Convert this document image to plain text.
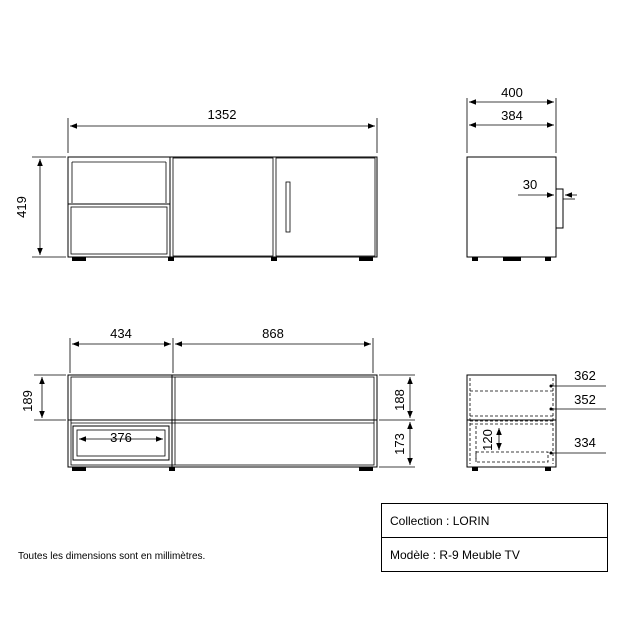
1352
419
400
384
30
434	868
189
376
188
173	120
362
352
334
Toutes les dimensions sont en millimètres.
Collection : LORIN
Modèle : R-9 Meuble TV
